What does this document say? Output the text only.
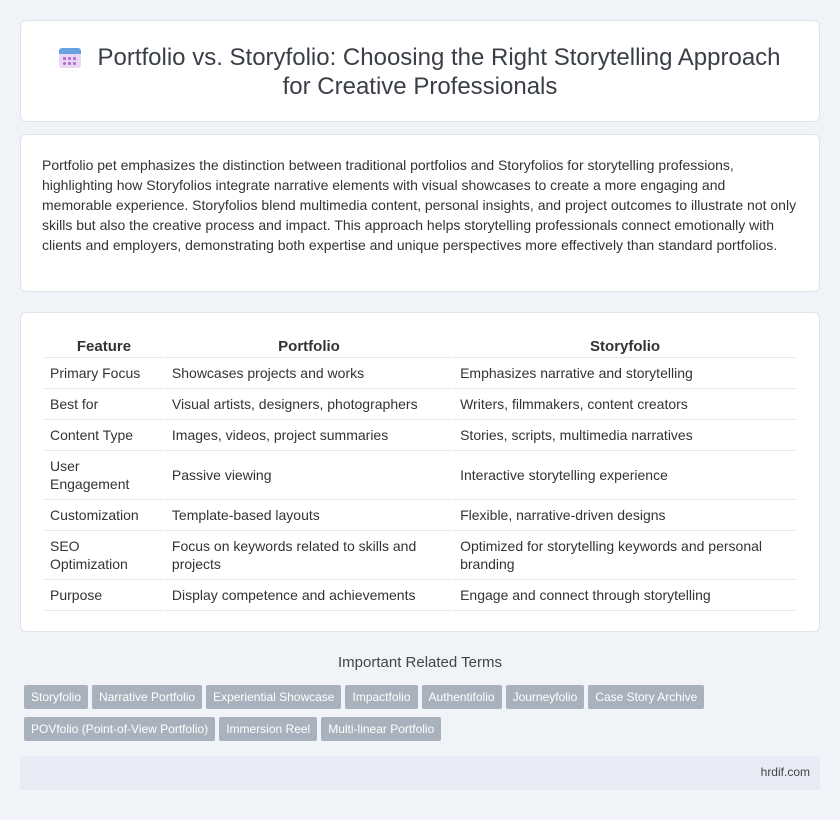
Portfolio vs. Storyfolio: Choosing the Right Storytelling Approach for Creative Professionals

Portfolio pet emphasizes the distinction between traditional portfolios and Storyfolios for storytelling professions, highlighting how Storyfolios integrate narrative elements with visual showcases to create a more engaging and memorable experience. Storyfolios blend multimedia content, personal insights, and project outcomes to illustrate not only skills but also the creative process and impact. This approach helps storytelling professionals connect emotionally with clients and employers, demonstrating both expertise and unique perspectives more effectively than standard portfolios.

Feature	Portfolio	Storyfolio
Primary Focus	Showcases projects and works	Emphasizes narrative and storytelling
Best for	Visual artists, designers, photographers	Writers, filmmakers, content creators
Content Type	Images, videos, project summaries	Stories, scripts, multimedia narratives
User Engagement	Passive viewing	Interactive storytelling experience
Customization	Template-based layouts	Flexible, narrative-driven designs
SEO Optimization	Focus on keywords related to skills and projects	Optimized for storytelling keywords and personal branding
Purpose	Display competence and achievements	Engage and connect through storytelling
Important Related Terms
Storyfolio Narrative Portfolio Experiential Showcase Impactfolio Authentifolio Journeyfolio Case Story Archive
POVfolio (Point-of-View Portfolio) Immersion Reel Multi-linear Portfolio
hrdif.com
